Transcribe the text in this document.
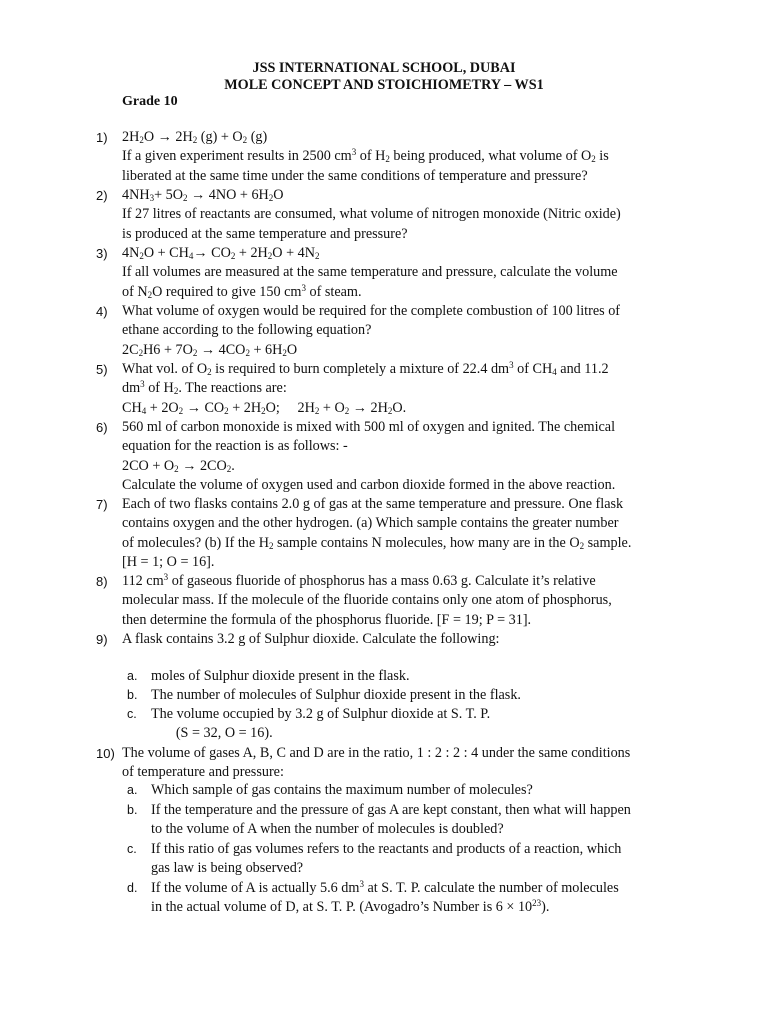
JSS INTERNATIONAL SCHOOL, DUBAI
MOLE CONCEPT AND STOICHIOMETRY – WS1
Grade 10
1) $2H_2O \to 2H_2$ $(g) + O_2$ (g)
If a given experiment results in 2500 $cm^3$ of $H_2$ being produced, what volume of $O_2$ is
liberated at the same time under the same conditions of temperature and pressure?
2) $4NH_3+ 5O_2 \to 4NO + 6H_2O$
If 27 litres of reactants are consumed, what volume of nitrogen monoxide (Nitric oxide)
is produced at the same temperature and pressure?
3) $4N_2O + CH_4\to CO_2 + 2H_2O + 4N_2$
If all volumes are measured at the same temperature and pressure, calculate the volume
of $N_2O$ required to give 150 $cm^3$ of steam.
4) What volume of oxygen would be required for the complete combustion of 100 litres of
ethane according to the following equation?
$2C_2H6 + 7O_2 \to 4CO_2 + 6H_2O$
5) What vol. of $O_2$ is required to burn completely a mixture of 22.4 $dm^3$ of $CH_4$ and 11.2
$dm^3$ of $H_2$. The reactions are:
$CH_4 + 2O_2 \to CO_2 + 2H_2O$;     $2H_2 + O_2 \to 2H_2O$.
6) 560 ml of carbon monoxide is mixed with 500 ml of oxygen and ignited. The chemical
equation for the reaction is as follows: -
$2CO + O_2 \to 2CO_2$.
Calculate the volume of oxygen used and carbon dioxide formed in the above reaction.
7) Each of two flasks contains 2.0 g of gas at the same temperature and pressure. One flask
contains oxygen and the other hydrogen. (a) Which sample contains the greater number
of molecules? (b) If the $H_2$ sample contains N molecules, how many are in the $O_2$ sample.
[H = 1; O = 16].
8) 112 $cm^3$ of gaseous fluoride of phosphorus has a mass 0.63 g. Calculate it’s relative
molecular mass. If the molecule of the fluoride contains only one atom of phosphorus,
then determine the formula of the phosphorus fluoride. [F = 19; P = 31].
9) A flask contains 3.2 g of Sulphur dioxide. Calculate the following:
10) The volume of gases A, B, C and D are in the ratio, 1 : 2 : 2 : 4 under the same conditions
of temperature and pressure:
a. moles of Sulphur dioxide present in the flask.
b. The number of molecules of Sulphur dioxide present in the flask.
c. The volume occupied by 3.2 g of Sulphur dioxide at S. T. P.
(S = 32, O = 16).
a. Which sample of gas contains the maximum number of molecules?
b. If the temperature and the pressure of gas A are kept constant, then what will happen
to the volume of A when the number of molecules is doubled?
c. If this ratio of gas volumes refers to the reactants and products of a reaction, which
gas law is being observed?
d. If the volume of A is actually 5.6 $dm^3$ at S. T. P. calculate the number of molecules
in the actual volume of D, at S. T. P. (Avogadro’s Number is $6 \times 10^{23}$).
